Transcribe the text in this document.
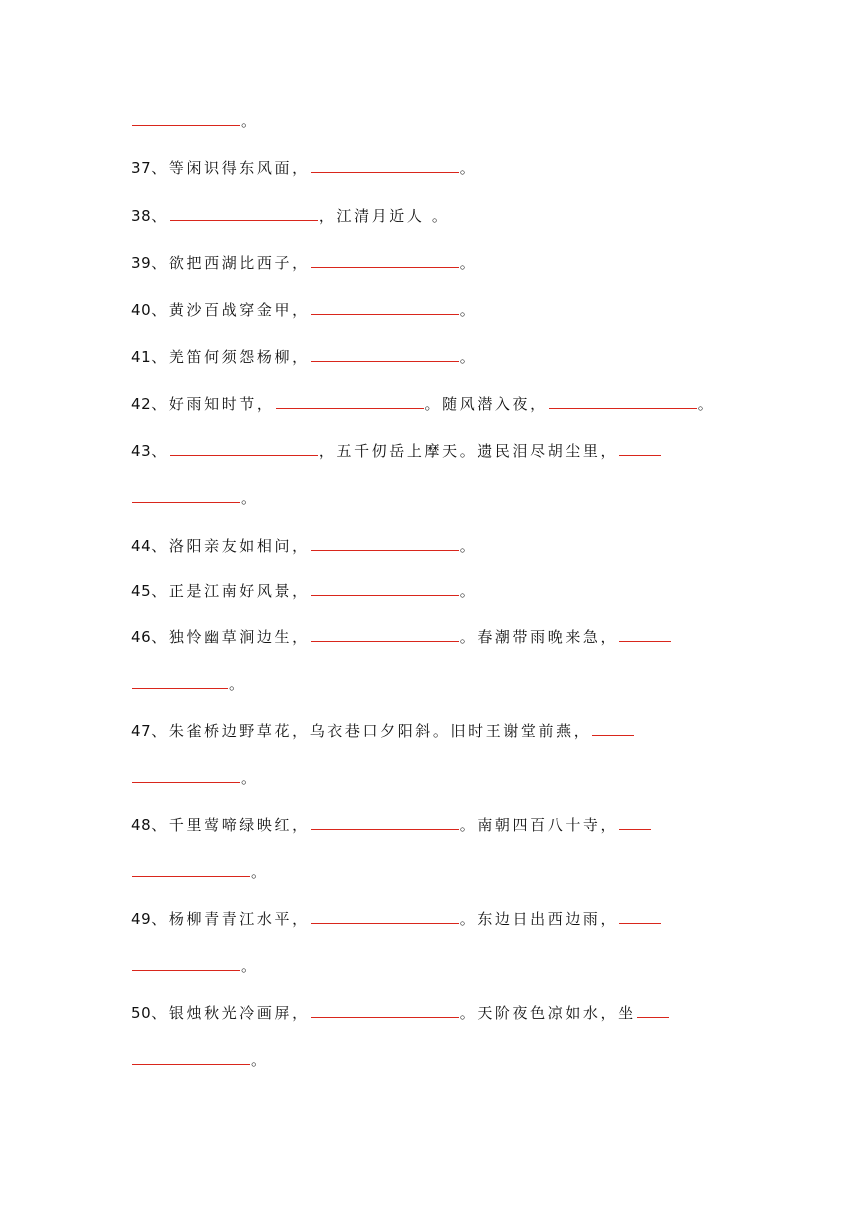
。
37、等闲识得东风面，	。
38、	，江清月近人 。
39、欲把西湖比西子，	。
40、黄沙百战穿金甲，	。
41、羌笛何须怨杨柳，	。
42、好雨知时节，	。随风潜入夜，	。
43、	，五千仞岳上摩天。遗民泪尽胡尘里，
。
44、洛阳亲友如相问，	。
45、正是江南好风景，	。
46、独怜幽草涧边生，	。春潮带雨晚来急，
。
47、朱雀桥边野草花，乌衣巷口夕阳斜。旧时王谢堂前燕，
。
48、千里莺啼绿映红，	。南朝四百八十寺，
。
49、杨柳青青江水平，	。东边日出西边雨，
。
50、银烛秋光冷画屏，	。天阶夜色凉如水，坐
。
